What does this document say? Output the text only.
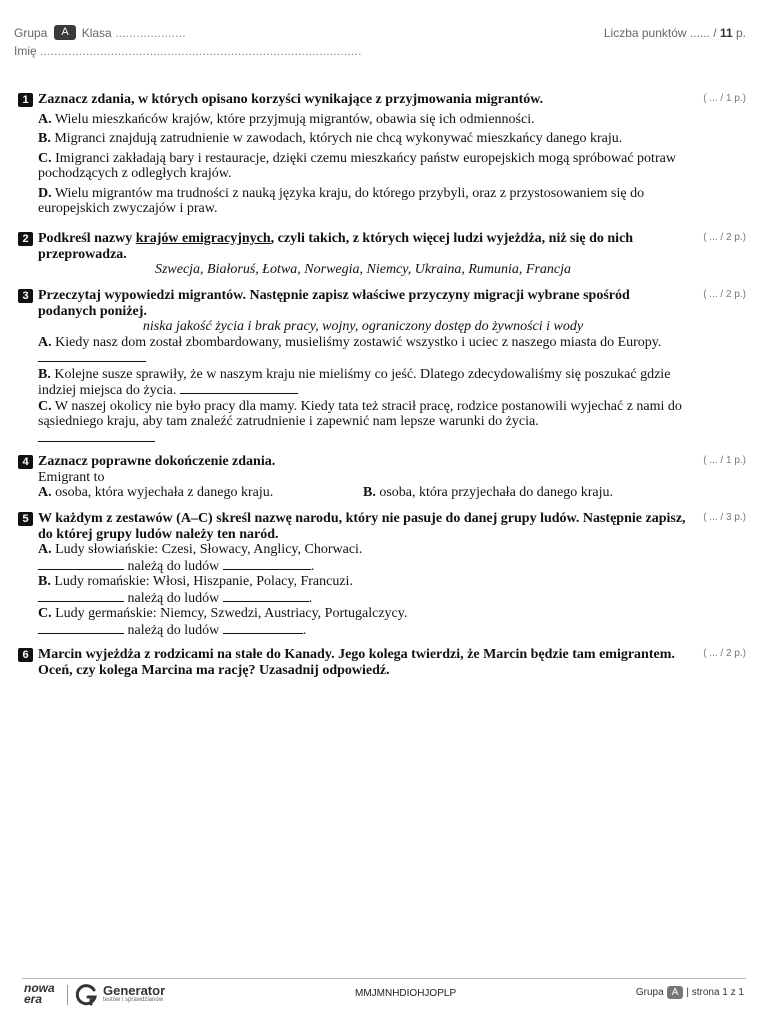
Grupa	A	Klasa
....................	Liczba punktów ...... / 11 p.
Imię ...........................................................................................
1 Zaznacz zdania, w których opisano korzyści wynikające z przyjmowania migrantów.
A. Wielu mieszkańców krajów, które przyjmują migrantów, obawia się ich odmienności.
B. Migranci znajdują zatrudnienie w zawodach, których nie chcą wykonywać mieszkańcy danego kraju.
C. Imigranci zakładają bary i restauracje, dzięki czemu mieszkańcy państw europejskich mogą spróbować potraw pochodzących z odległych krajów.
D. Wielu migrantów ma trudności z nauką języka kraju, do którego przybyli, oraz z przystosowaniem się do europejskich zwyczajów i praw.
( ... / 1 p.)
2 Podkreśl nazwy krajów emigracyjnych, czyli takich, z których więcej ludzi wyjeżdża, niż się do nich przeprowadza.
Szwecja, Białoruś, Łotwa, Norwegia, Niemcy, Ukraina, Rumunia, Francja
( ... / 2 p.)
3 Przeczytaj wypowiedzi migrantów. Następnie zapisz właściwe przyczyny migracji wybrane spośród podanych poniżej.
niska jakość życia i brak pracy, wojny, ograniczony dostęp do żywności i wody
A. Kiedy nasz dom został zbombardowany, musieliśmy zostawić wszystko i uciec z naszego miasta do Europy.
B. Kolejne susze sprawiły, że w naszym kraju nie mieliśmy co jeść. Dlatego zdecydowaliśmy się poszukać gdzie indziej miejsca do życia.
C. W naszej okolicy nie było pracy dla mamy. Kiedy tata też stracił pracę, rodzice postanowili wyjechać z nami do sąsiedniego kraju, aby tam znaleźć zatrudnienie i zapewnić nam lepsze warunki do życia.
( ... / 2 p.)
4 Zaznacz poprawne dokończenie zdania.
Emigrant to
A. osoba, która wyjechała z danego kraju.	B. osoba, która przyjechała do danego kraju.
( ... / 1 p.)
5 W każdym z zestawów (A–C) skreśl nazwę narodu, który nie pasuje do danej grupy ludów. Następnie zapisz, do której grupy ludów należy ten naród.
A. Ludy słowiańskie: Czesi, Słowacy, Anglicy, Chorwaci.
należą do ludów	.
B. Ludy romańskie: Włosi, Hiszpanie, Polacy, Francuzi.
należą do ludów	.
C. Ludy germańskie: Niemcy, Szwedzi, Austriacy, Portugalczycy.
należą do ludów	.
( ... / 3 p.)
6 Marcin wyjeżdża z rodzicami na stałe do Kanady. Jego kolega twierdzi, że Marcin będzie tam emigrantem. Oceń, czy kolega Marcina ma rację? Uzasadnij odpowiedź.
( ... / 2 p.)
nowa
era
Generator
testów i sprawdzianów
MMJMNHDIOHJOPLP	Grupa A | strona 1 z 1
